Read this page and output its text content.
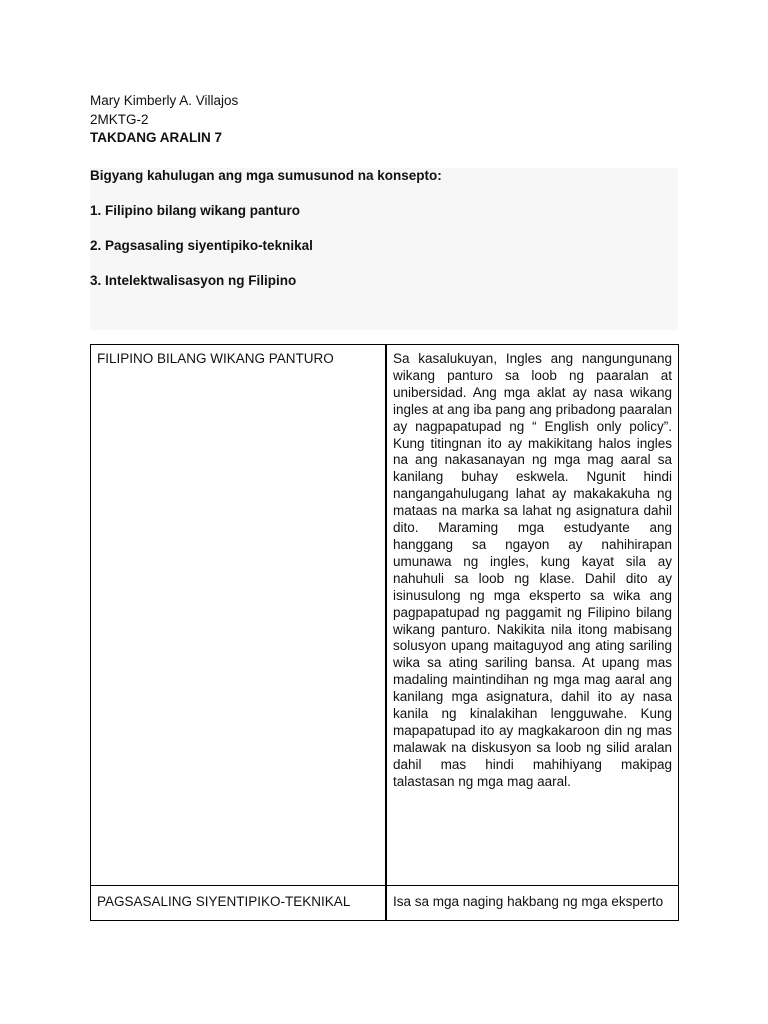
Mary Kimberly A. Villajos
2MKTG-2
TAKDANG ARALIN 7
Bigyang kahulugan ang mga sumusunod na konsepto:
1. Filipino bilang wikang panturo
2. Pagsasaling siyentipiko-teknikal
3. Intelektwalisasyon ng Filipino
FILIPINO BILANG WIKANG PANTURO	Sa kasalukuyan, Ingles ang nangungunang wikang panturo sa loob ng paaralan at unibersidad. Ang mga aklat ay nasa wikang ingles at ang iba pang ang pribadong paaralan ay nagpapatupad ng “ English only policy”. Kung titingnan ito ay makikitang halos ingles na ang nakasanayan ng mga mag aaral sa kanilang buhay eskwela. Ngunit hindi nangangahulugang lahat ay makakakuha ng mataas na marka sa lahat ng asignatura dahil dito. Maraming mga estudyante ang hanggang sa ngayon ay nahihirapan umunawa ng ingles, kung kayat sila ay nahuhuli sa loob ng klase. Dahil dito ay isinusulong ng mga eksperto sa wika ang pagpapatupad ng paggamit ng Filipino bilang wikang panturo. Nakikita nila itong mabisang solusyon upang maitaguyod ang ating sariling wika sa ating sariling bansa. At upang mas madaling maintindihan ng mga mag aaral ang kanilang mga asignatura, dahil ito ay nasa kanila ng kinalakihan lengguwahe. Kung mapapatupad ito ay magkakaroon din ng mas malawak na diskusyon sa loob ng silid aralan dahil mas hindi mahihiyang makipag talastasan ng mga mag aaral.

PAGSASALING SIYENTIPIKO-TEKNIKAL	Isa sa mga naging hakbang ng mga eksperto
